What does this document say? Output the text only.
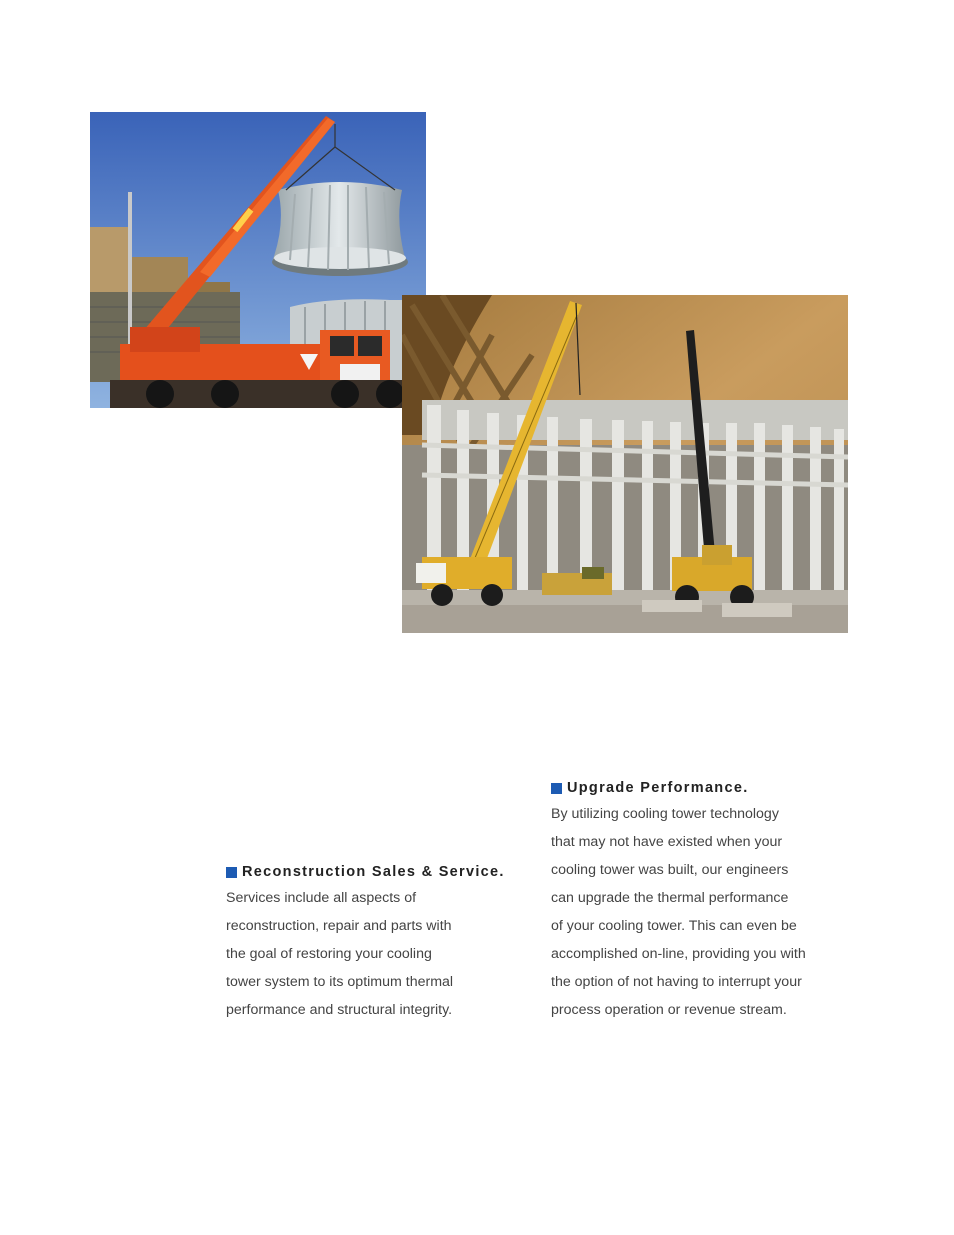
Reconstruction Sales & Service.

Services include all aspects of

reconstruction, repair and parts with

the goal of restoring your cooling

tower system to its optimum thermal

performance and structural integrity.

Upgrade Performance.

By utilizing cooling tower technology

that may not have existed when your

cooling tower was built, our engineers

can upgrade the thermal performance

of your cooling tower. This can even be

accomplished on-line, providing you with

the option of not having to interrupt your

process operation or revenue stream.
